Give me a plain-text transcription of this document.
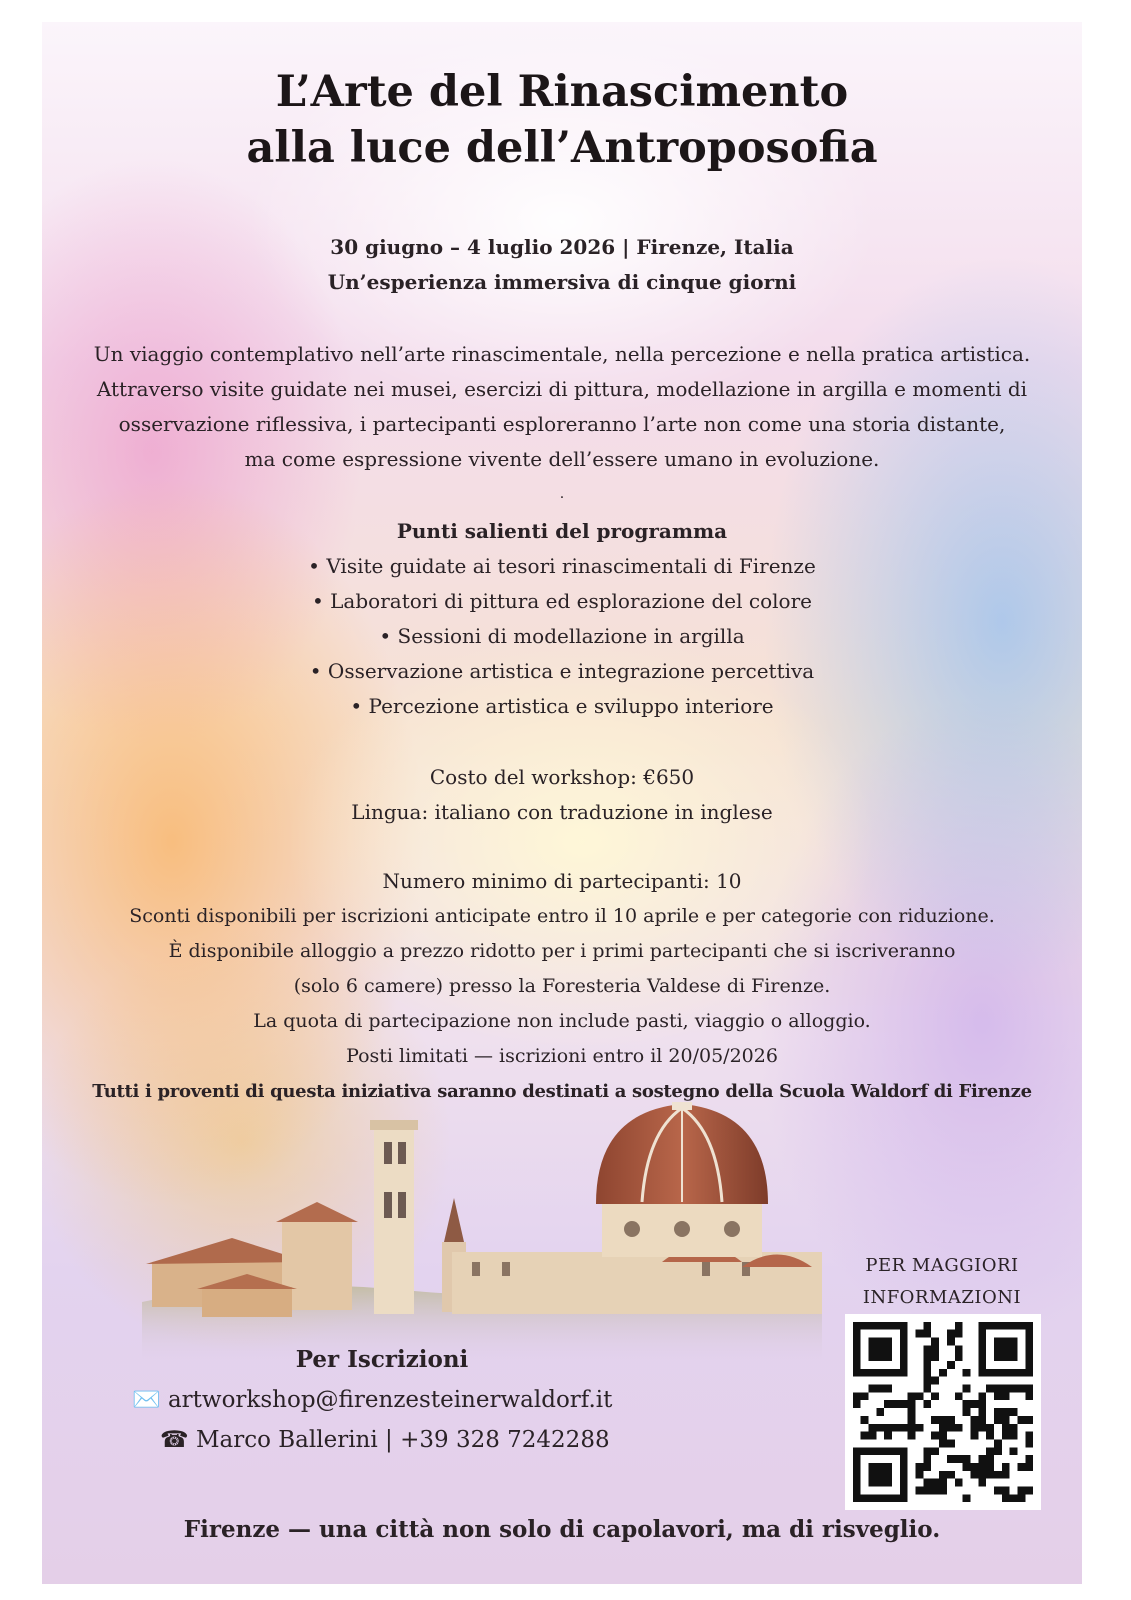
L’Arte del Rinascimento
alla luce dell’Antroposofia
30 giugno – 4 luglio 2026 | Firenze, Italia
Un’esperienza immersiva di cinque giorni
Un viaggio contemplativo nell’arte rinascimentale, nella percezione e nella pratica artistica.
Attraverso visite guidate nei musei, esercizi di pittura, modellazione in argilla e momenti di
osservazione riflessiva, i partecipanti esploreranno l’arte non come una storia distante,
ma come espressione vivente dell’essere umano in evoluzione.
.
Punti salienti del programma
• Visite guidate ai tesori rinascimentali di Firenze
• Laboratori di pittura ed esplorazione del colore
• Sessioni di modellazione in argilla
• Osservazione artistica e integrazione percettiva
• Percezione artistica e sviluppo interiore
Costo del workshop: €650
Lingua: italiano con traduzione in inglese
Numero minimo di partecipanti: 10
Sconti disponibili per iscrizioni anticipate entro il 10 aprile e per categorie con riduzione.
È disponibile alloggio a prezzo ridotto per i primi partecipanti che si iscriveranno
(solo 6 camere) presso la Foresteria Valdese di Firenze.
La quota di partecipazione non include pasti, viaggio o alloggio.
Posti limitati — iscrizioni entro il 20/05/2026
Tutti i proventi di questa iniziativa saranno destinati a sostegno della Scuola Waldorf di Firenze
Per Iscrizioni
✉️ artworkshop@firenzesteinerwaldorf.it
☎ Marco Ballerini | +39 328 7242288
PER MAGGIORI
INFORMAZIONI
Firenze — una città non solo di capolavori, ma di risveglio.
